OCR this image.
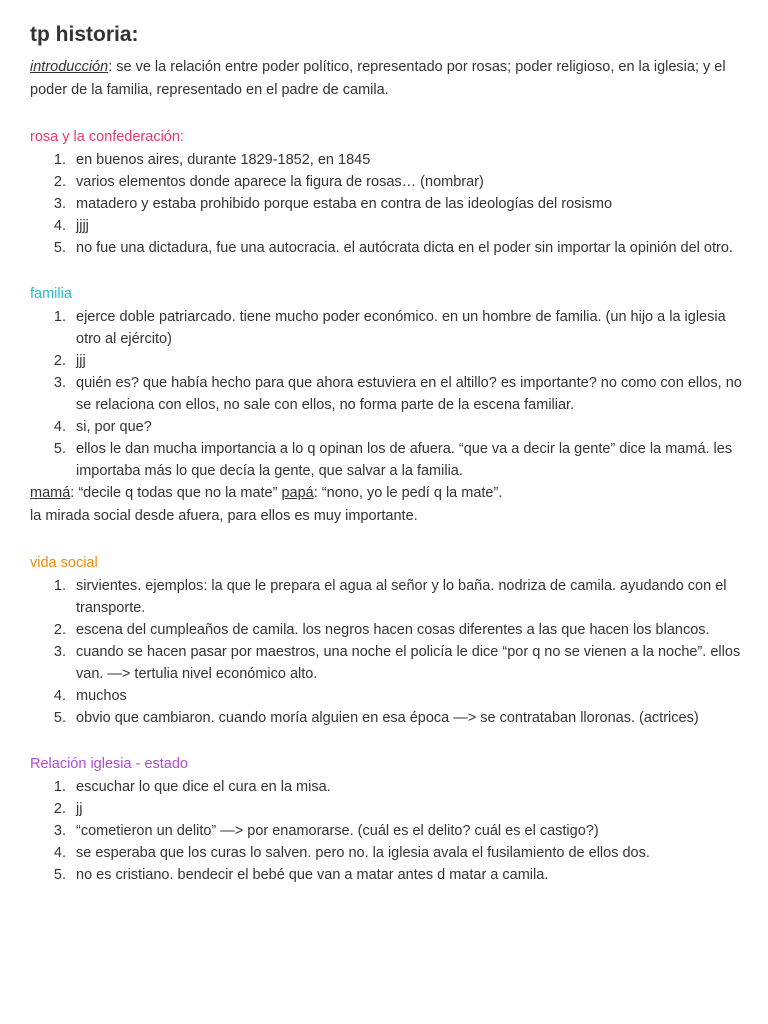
tp historia:

introducción: se ve la relación entre poder político, representado por rosas; poder religioso, en la iglesia; y el poder de la familia, representado en el padre de camila.

rosa y la confederación:
1. en buenos aires, durante 1829-1852, en 1845
2. varios elementos donde aparece la figura de rosas… (nombrar)
3. matadero y estaba prohibido porque estaba en contra de las ideologías del rosismo
4. jjjj
5. no fue una dictadura, fue una autocracia. el autócrata dicta en el poder sin importar la opinión del otro.
familia
1. ejerce doble patriarcado. tiene mucho poder económico. en un hombre de familia. (un hijo a la iglesia otro al ejército)
2. jjj
3. quién es? que había hecho para que ahora estuviera en el altillo? es importante? no como con ellos, no se relaciona con ellos, no sale con ellos, no forma parte de la escena familiar.
4. si, por que?
5. ellos le dan mucha importancia a lo q opinan los de afuera. “que va a decir la gente” dice la mamá. les importaba más lo que decía la gente, que salvar a la familia.

mamá: “decile q todas que no la mate” papá: “nono, yo le pedí q la mate”.

la mirada social desde afuera, para ellos es muy importante.

vida social
1. sirvientes. ejemplos: la que le prepara el agua al señor y lo baña. nodriza de camila. ayudando con el transporte.
2. escena del cumpleaños de camila. los negros hacen cosas diferentes a las que hacen los blancos.
3. cuando se hacen pasar por maestros, una noche el policía le dice “por q no se vienen a la noche”. ellos van. —> tertulia nivel económico alto.
4. muchos
5. obvio que cambiaron. cuando moría alguien en esa época —> se contrataban lloronas. (actrices)
Relación iglesia - estado
1. escuchar lo que dice el cura en la misa.
2. jj
3. “cometieron un delito” —> por enamorarse. (cuál es el delito? cuál es el castigo?)
4. se esperaba que los curas lo salven. pero no. la iglesia avala el fusilamiento de ellos dos.
5. no es cristiano. bendecir el bebé que van a matar antes d matar a camila.
